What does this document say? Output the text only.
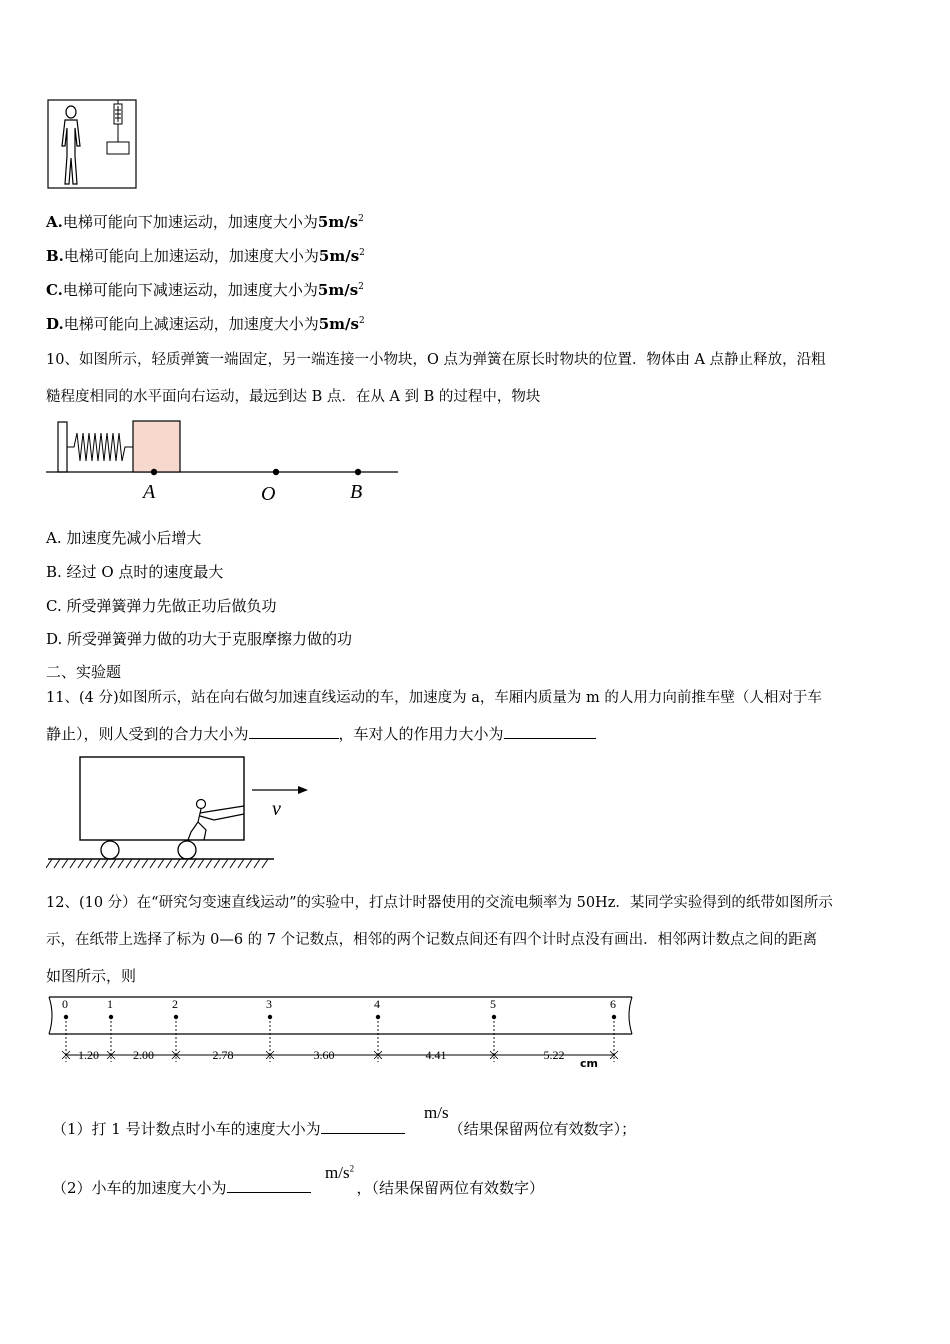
A.电梯可能向下加速运动，加速度大小为$5m/s^2$
B.电梯可能向上加速运动，加速度大小为$5m/s^2$
C.电梯可能向下减速运动，加速度大小为$5m/s^2$
D.电梯可能向上减速运动，加速度大小为$5m/s^2$
10、如图所示，轻质弹簧一端固定，另一端连接一小物块，O 点为弹簧在原长时物块的位置．物体由 A 点静止释放，沿粗
糙程度相同的水平面向右运动，最远到达 B 点．在从 A 到 B 的过程中，物块
A	O	B
A. 加速度先减小后增大
B. 经过 O 点时的速度最大
C. 所受弹簧弹力先做正功后做负功
D. 所受弹簧弹力做的功大于克服摩擦力做的功
二、实验题
11、(4 分)如图所示，站在向右做匀加速直线运动的车，加速度为 a，车厢内质量为 m 的人用力向前推车壁（人相对于车
静止），则人受到的合力大小为	，车对人的作用力大小为
v
12、(10 分）在“研究匀变速直线运动”的实验中，打点计时器使用的交流电频率为 50Hz．某同学实验得到的纸带如图所示
示，在纸带上选择了标为 0—6 的 7 个记数点，相邻的两个记数点间还有四个计时点没有画出．相邻两计数点之间的距离
如图所示，则
0	1	2	3	4	5	6
1.20	2.00	2.78	3.60	4.41	5.22
cm
（1）打 1 号计数点时小车的速度大小为	（结果保留两位有效数字）；
m/s
（2）小车的加速度大小为	，（结果保留两位有效数字）
$m/s^2$
